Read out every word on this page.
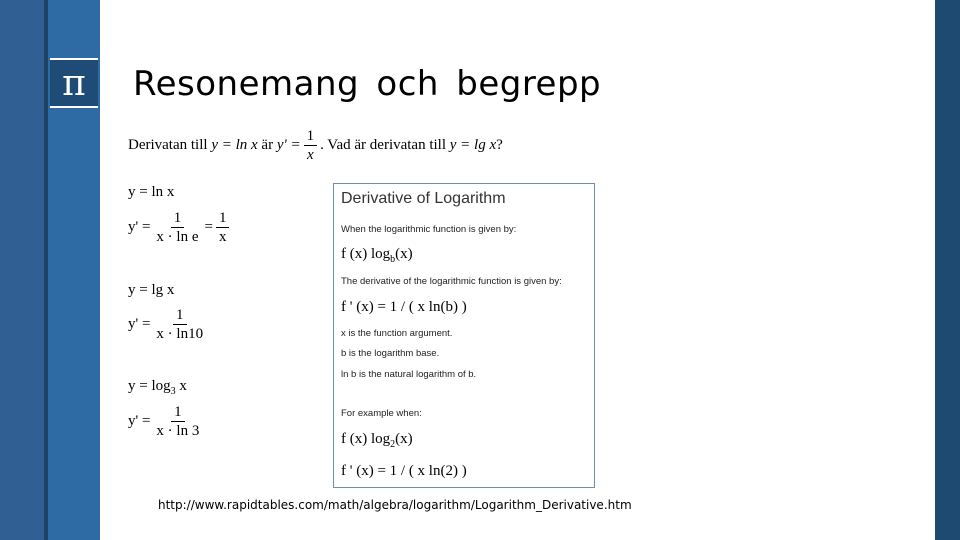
π Resonemang och begrepp
Derivatan till y = ln x är $y' = \frac{1}{x}$ . Vad är derivatan till y = lg x?
y = ln x
$y' = \frac{1}{\text{x · ln e}} = \frac{1}{x}$
y = lg x
$y' = \frac{1}{x \cdot \ln 10}$
$y = \log_3 x$
$y' = \frac{1}{x \cdot \ln 3}$
Derivative of Logarithm
When the logarithmic function is given by:
f (x) $\log_b(x)$
The derivative of the logarithmic function is given by:
f ' (x) = 1 / ( x ln(b) )
x is the function argument.
b is the logarithm base.
ln b is the natural logarithm of b.
For example when:
f (x) $\log_2(x)$
f ' (x) = 1 / ( x ln(2) )
http://www.rapidtables.com/math/algebra/logarithm/Logarithm_Derivative.htm
